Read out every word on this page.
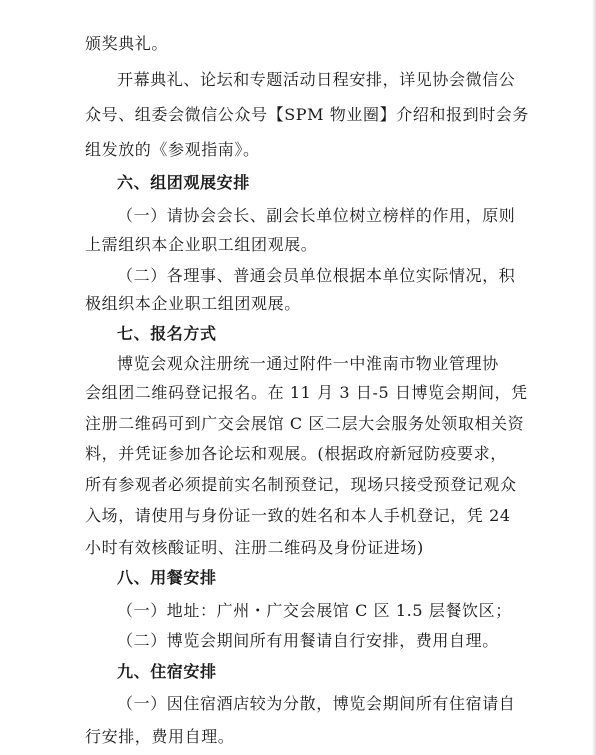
颁奖典礼。
开幕典礼、论坛和专题活动日程安排，详见协会微信公
众号、组委会微信公众号【SPM 物业圈】介绍和报到时会务
组发放的《参观指南》。
六、组团观展安排
（一）请协会会长、副会长单位树立榜样的作用，原则
上需组织本企业职工组团观展。
（二）各理事、普通会员单位根据本单位实际情况，积
极组织本企业职工组团观展。
七、报名方式
博览会观众注册统一通过附件一中淮南市物业管理协
会组团二维码登记报名。在 11 月 3 日-5 日博览会期间，凭
注册二维码可到广交会展馆 C 区二层大会服务处领取相关资
料，并凭证参加各论坛和观展。(根据政府新冠防疫要求，
所有参观者必须提前实名制预登记，现场只接受预登记观众
入场，请使用与身份证一致的姓名和本人手机登记，凭 24
小时有效核酸证明、注册二维码及身份证进场)
八、用餐安排
（一）地址：广州・广交会展馆 C 区 1.5 层餐饮区；
（二）博览会期间所有用餐请自行安排，费用自理。
九、住宿安排
（一）因住宿酒店较为分散，博览会期间所有住宿请自
行安排，费用自理。
